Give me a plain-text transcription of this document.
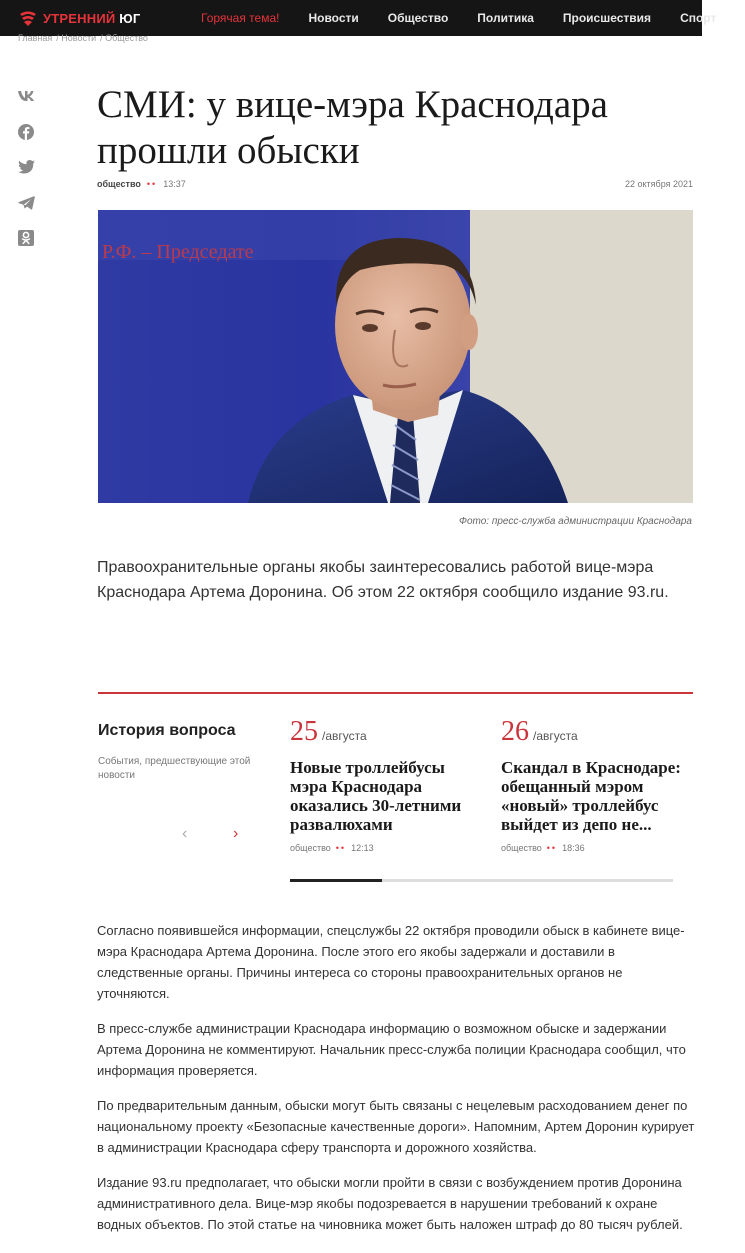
УТРЕННИЙ ЮГ	Горячая тема! Новости Общество Политика Происшествия Спорт
Главная / Новости / Общество
СМИ: у вице-мэра Краснодара прошли обыски
общество •• 13:37	22 октября 2021
Р.Ф. – Председате
Фото: пресс-служба администрации Краснодара

Правоохранительные органы якобы заинтересовались работой вице-мэра Краснодара Артема Доронина. Об этом 22 октября сообщило издание 93.ru.

История вопроса
События, предшествующие этой новости
‹	›
25 /августа
Новые троллейбусы мэра Краснодара оказались 30-летними развалюхами
общество •• 12:13
26 /августа
Скандал в Краснодаре: обещанный мэром «новый» троллейбус выйдет из депо не...
общество •• 18:36

Согласно появившейся информации, спецслужбы 22 октября проводили обыск в кабинете вице-мэра Краснодара Артема Доронина. После этого его якобы задержали и доставили в следственные органы. Причины интереса со стороны правоохранительных органов не уточняются.

В пресс-службе администрации Краснодара информацию о возможном обыске и задержании Артема Доронина не комментируют. Начальник пресс-служба полиции Краснодара сообщил, что информация проверяется.

По предварительным данным, обыски могут быть связаны с нецелевым расходованием денег по национальному проекту «Безопасные качественные дороги». Напомним, Артем Доронин курирует в администрации Краснодара сферу транспорта и дорожного хозяйства.

Издание 93.ru предполагает, что обыски могли пройти в связи с возбуждением против Доронина административного дела. Вице-мэр якобы подозревается в нарушении требований к охране водных объектов. По этой статье на чиновника может быть наложен штраф до 80 тысяч рублей.
